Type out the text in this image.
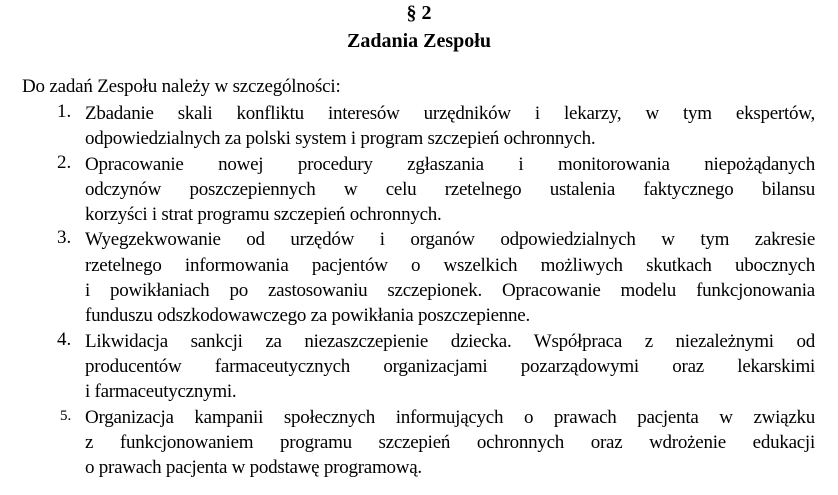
§ 2
Zadania Zespołu
Do zadań Zespołu należy w szczególności:
1. Zbadanie skali konfliktu interesów urzędników i lekarzy, w tym ekspertów,
odpowiedzialnych za polski system i program szczepień ochronnych.
2. Opracowanie nowej procedury zgłaszania i monitorowania niepożądanych
odczynów poszczepiennych w celu rzetelnego ustalenia faktycznego bilansu
korzyści i strat programu szczepień ochronnych.
3. Wyegzekwowanie od urzędów i organów odpowiedzialnych w tym zakresie
rzetelnego informowania pacjentów o wszelkich możliwych skutkach ubocznych
i powikłaniach po zastosowaniu szczepionek. Opracowanie modelu funkcjonowania
funduszu odszkodowawczego za powikłania poszczepienne.
4. Likwidacja sankcji za niezaszczepienie dziecka. Współpraca z niezależnymi od
producentów farmaceutycznych organizacjami pozarządowymi oraz lekarskimi
i farmaceutycznymi.
5. Organizacja kampanii społecznych informujących o prawach pacjenta w związku
z funkcjonowaniem programu szczepień ochronnych oraz wdrożenie edukacji
o prawach pacjenta w podstawę programową.
